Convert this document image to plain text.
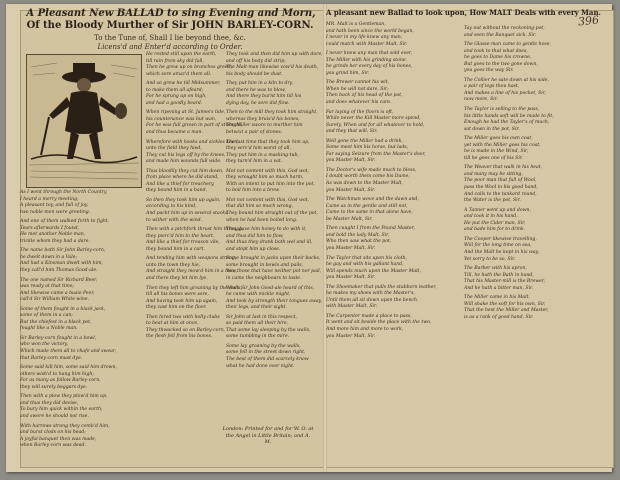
A Pleasant New BALLAD to sing Evening and Morn,
Of the Bloody Murther of Sir JOHN BARLEY-CORN.
To the Tune of, Shall I lie beyond thee, &c.
Licens'd and Enter'd according to Order.
As I went through the North Country,
I heard a merry meeting;
A pleasant toy, and full of joy,
two noble-men were greeting.
And one of them walked forth to fight,
Tears afterwards I found,
He met another Noble-man,
trickle whom they had a dare.
The name both Sir John Barley-corn,
he dwelt down in a Vale;
And had a Kinsman dwelt with him,
they call'd him Thomas Good-ale.
The one named Sir Richard Beer,
was ready at that time;
And likewise came a busie Peer,
call'd Sir William White-wine.
Some of them fought in a black jack,
some of them in a can;
But the chiefest in a black pot,
fought like a Noble man.
Sir Barley-corn fought in a bowl,
who won the victory,
Which made them all to chafe and swear,
that Barley-corn must dye.
Some said kill him, some said him drown,
others wish'd to hang him high;
For as many as follow Barley-corn,
they will surely beggars dye.
Then with a plow they plow'd him up,
and thus they did devise,
To bury him quick within the earth,
and swore he should not rise.
With harrows strong they comb'd him,
and burst clods on his head;
A joyful banquet then was made,
when Barley-corn was dead.
He rested still upon the earth,
till rain from sky did fall,
Then he grew up on branches green,
which sore amaz'd them all.
And so grew he till Midsummer,
to make them all afeard;
For he sprung up on high,
and had a goodly beard.
When ripening at St. James's tide,
his countenance was but wan,
For he was full grown in part of strength,
and thus became a man.
Wherefore with hooks and sickles keen,
unto the field they hied,
They cut his legs off by the knees,
and made him wounds full wide.
Thus bloodily they cut him down,
from place where he did stand,
And like a thief for treachery,
they bound him in a band.
So then they took him up again,
according to his kind,
And packt him up in several stacks,
to wither with the wind.
Then with a pitchfork thrust him through,
they pierc'd him to the heart,
And like a thief for treason vile,
they bound him in a cart.
And tending him with weapons strong,
unto the town they hie,
And straight they mow'd him in a mow,
and there they let him lye.
Then they left him groaning by the walls,
till all his bones were sore,
And having took him up again,
they cast him on the floor.
Then hired two with holly clubs
to beat at him at once,
They thwacked so on Barley-corn,
the flesh fell from his bones.
They took and then did him up with dore,
and off his body did strip;
The Malt-man likewise vow'd his death,
his body should be dust.
They put him in a kiln to dry,
and there he was to blow,
And there they burnt him till his
dying day, he sore did flow.
Then to the mill they took him straight,
whereas they bruis'd his bones,
The Miller swore to murther him
betwixt a pair of stones.
The last time that they took him up,
they serv'd him worst of all,
They put him in a mashing-tub,
they turn'd him in a vat.
Mot not content with this, God wot,
they wrought him so much harm,
With an intent to put him into the pot,
to boil him into a brew.
Mot not content with this, God wot,
that did him so much wrong,
They bound him straight out of the pot,
when he had been boiled long.
They gave him honey to do with it,
and thus did him to flow,
And thus they drank both wel and ill,
and stopt him up close.
Some brought in jacks upon their backs,
some brought in bowls and pails,
Yea, those that have neither pot nor pail,
in came the neighbours to taste.
When Sir John Good-ale heard of this,
he came with mickle might,
And took by strength their tongues away,
their legs, and their sight.
Sir John at last in this respect,
so paid them all their hire,
That some lay sleeping by the walls,
some tumbling in the mire.
Some lay groaning by the walls,
some fell in the street down right,
The best of them did scarcely know
what he had done over night.
London: Printed for and for W. O. at the Angel in Little Britain; and A. M.
A pleasant new Ballad to look upon, How MALT Deals with every Man.
396
MR. Malt is a Gentleman,
and hath been since the world began,
I never in my life knew any man,
could match with Master Malt, Sir.
I never knew any man that sold ever,
The Miller with his grinding stone,
he grinds her every day of his bones,
you grind him, Sir.
The Brewer cannot his wit,
When he will not dare, Sir;
Then back of his head of the pot,
and does whatever his care.
Far laying of the floors is oft,
While never the Kill Master more spend,
Surely, When and for all whatever to hold,
and they that will, Sir.
Well gone the Miller had a drink,
Some meet him his horse, but lads,
Far saying Seizure from the Master's door,
you Master Malt, Sir.
The Doctor's wife made much to bless,
I doubt worth them come his Dame,
As was down to the Master Malt,
you Master Malt, Sir.
The Watchman wove and the dawn and,
Came as in the gentle and still-not,
Came to the same in that alone have,
be Master Malt, Sir.
Then caught I from the Pound Master,
and bold the lady Malt, Sir,
Who then saw what the pot,
you Master Malt, Sir.
The Taylor that sits upon his cloth,
he gay and with his gallant hand,
Will spends much upon the Master Malt,
you Master Malt, Sir.
The Shoemaker that pulls the stubborn leather,
he makes my shoes with the Master's,
Until them all sit down upon the bench,
with Master Malt, Sir.
The Carpenter made a place to pass,
It went and sit beside the place with the two,
And more him and more to work,
you Master Malt, Sir.
Tay out without the reckoning-pot,
and seen the Banquet sick, Sir.
The Glasse-man came to gentle hose,
and took to that what does,
he goes to Dame his crowne,
But goes to the two gone down,
you goes the way Sir.
The Collier he sate down at his side,
a pair of legs thou hast,
And makes a line of his pocket, Sir,
now more, Sir.
The Taylor is selling to the pass,
his little hands soft will be made to fit,
Enough he had the Tayler's of much,
sat down in the pot, Sir.
The Miller goes his own coat,
yet with the Miller goes his coat,
he is made in the Wind, Sir,
till he goes one of his Sir.
The Weaver that walk in his heat,
and many may be sitting,
The poor man that full of Wool,
pass the Wool in his good hand,
And calls to the tankard round,
the Water is the pot, Sir.
A Tanner went up and down,
and took it in his hand,
He put the Cider man, Sir,
and bade him for to drink.
The Cooper likewise travelling,
Will for the long time on sea,
And the Malt he kept in his way,
Yet sorry to be so, Sir.
The Barber with his apron,
Till, he hath the Bath in hand,
That his Master-mill is the Brewer,
And he hath a bitter man, Sir.
The Miller came in his Malt,
Will shake the soft for his own, Sir,
That the best the Miller and Master,
is as a rank of good hand, Sir.
